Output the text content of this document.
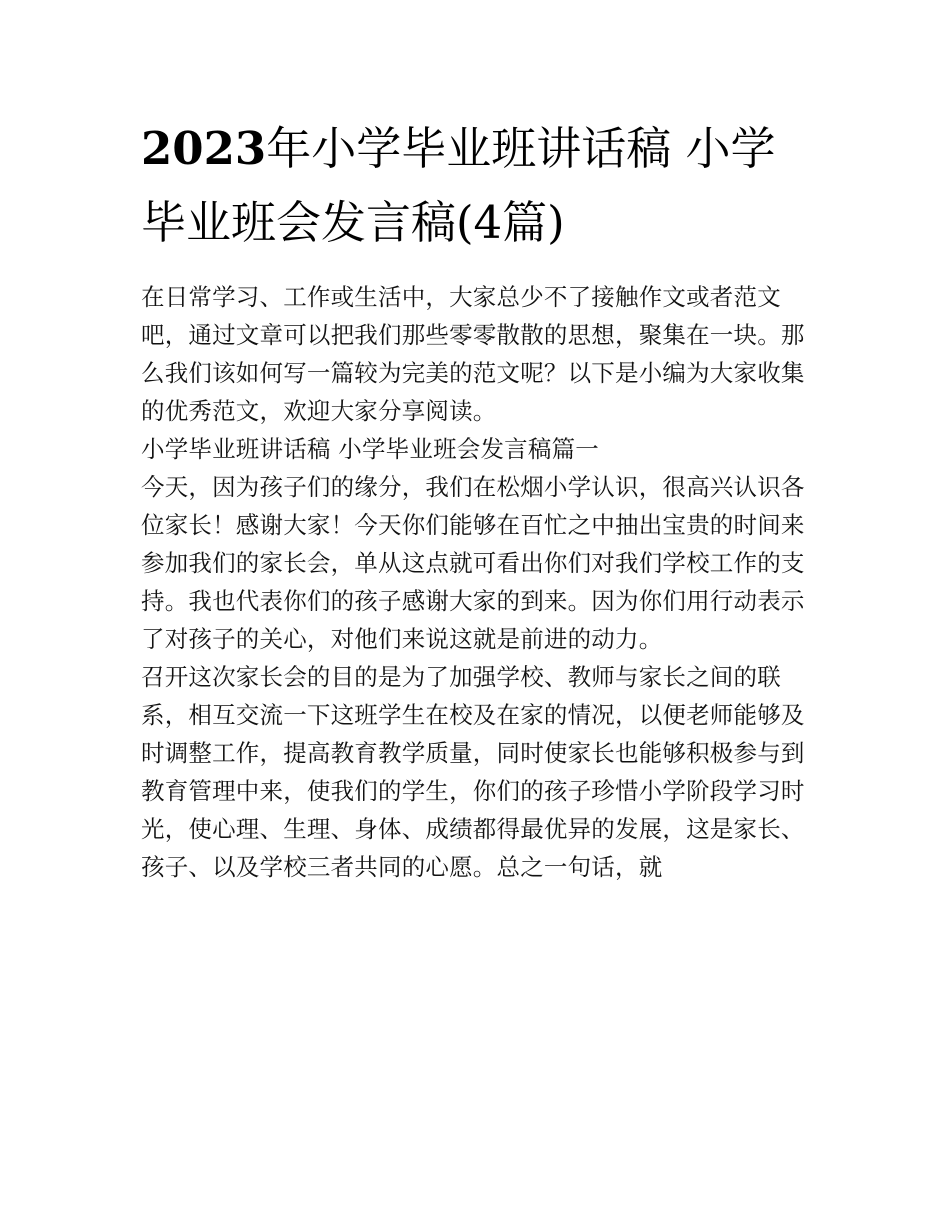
2023年小学毕业班讲话稿 小学毕业班会发言稿(4篇)

在日常学习、工作或生活中，大家总少不了接触作文或者范文吧，通过文章可以把我们那些零零散散的思想，聚集在一块。那么我们该如何写一篇较为完美的范文呢？以下是小编为大家收集的优秀范文，欢迎大家分享阅读。

小学毕业班讲话稿 小学毕业班会发言稿篇一

今天，因为孩子们的缘分，我们在松烟小学认识，很高兴认识各位家长！感谢大家！今天你们能够在百忙之中抽出宝贵的时间来参加我们的家长会，单从这点就可看出你们对我们学校工作的支持。我也代表你们的孩子感谢大家的到来。因为你们用行动表示了对孩子的关心，对他们来说这就是前进的动力。

召开这次家长会的目的是为了加强学校、教师与家长之间的联系，相互交流一下这班学生在校及在家的情况，以便老师能够及时调整工作，提高教育教学质量，同时使家长也能够积极参与到教育管理中来，使我们的学生，你们的孩子珍惜小学阶段学习时光，使心理、生理、身体、成绩都得最优异的发展，这是家长、孩子、以及学校三者共同的心愿。总之一句话，就
